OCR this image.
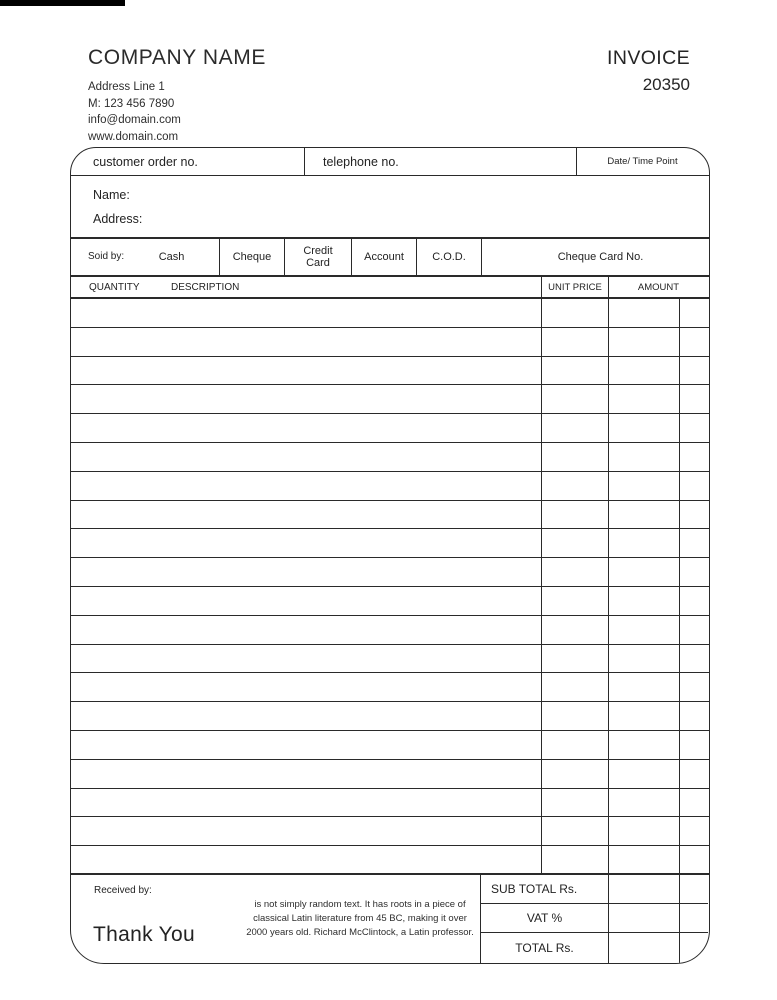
COMPANY NAME
Address Line 1
M: 123 456 7890
info@domain.com
www.domain.com
INVOICE
20350
customer order no.	telephone no.	Date/ Time Point
Name:
Address:
Soid by:	Cash	Cheque	Credit Card	Account	C.O.D.	Cheque Card No.
QUANTITY	DESCRIPTION	UNIT PRICE	AMOUNT
Received by:
is not simply random text. It has roots in a piece of classical Latin literature from 45 BC, making it over 2000 years old. Richard McClintock, a Latin professor.
Thank You
SUB TOTAL Rs.
VAT %
TOTAL Rs.
